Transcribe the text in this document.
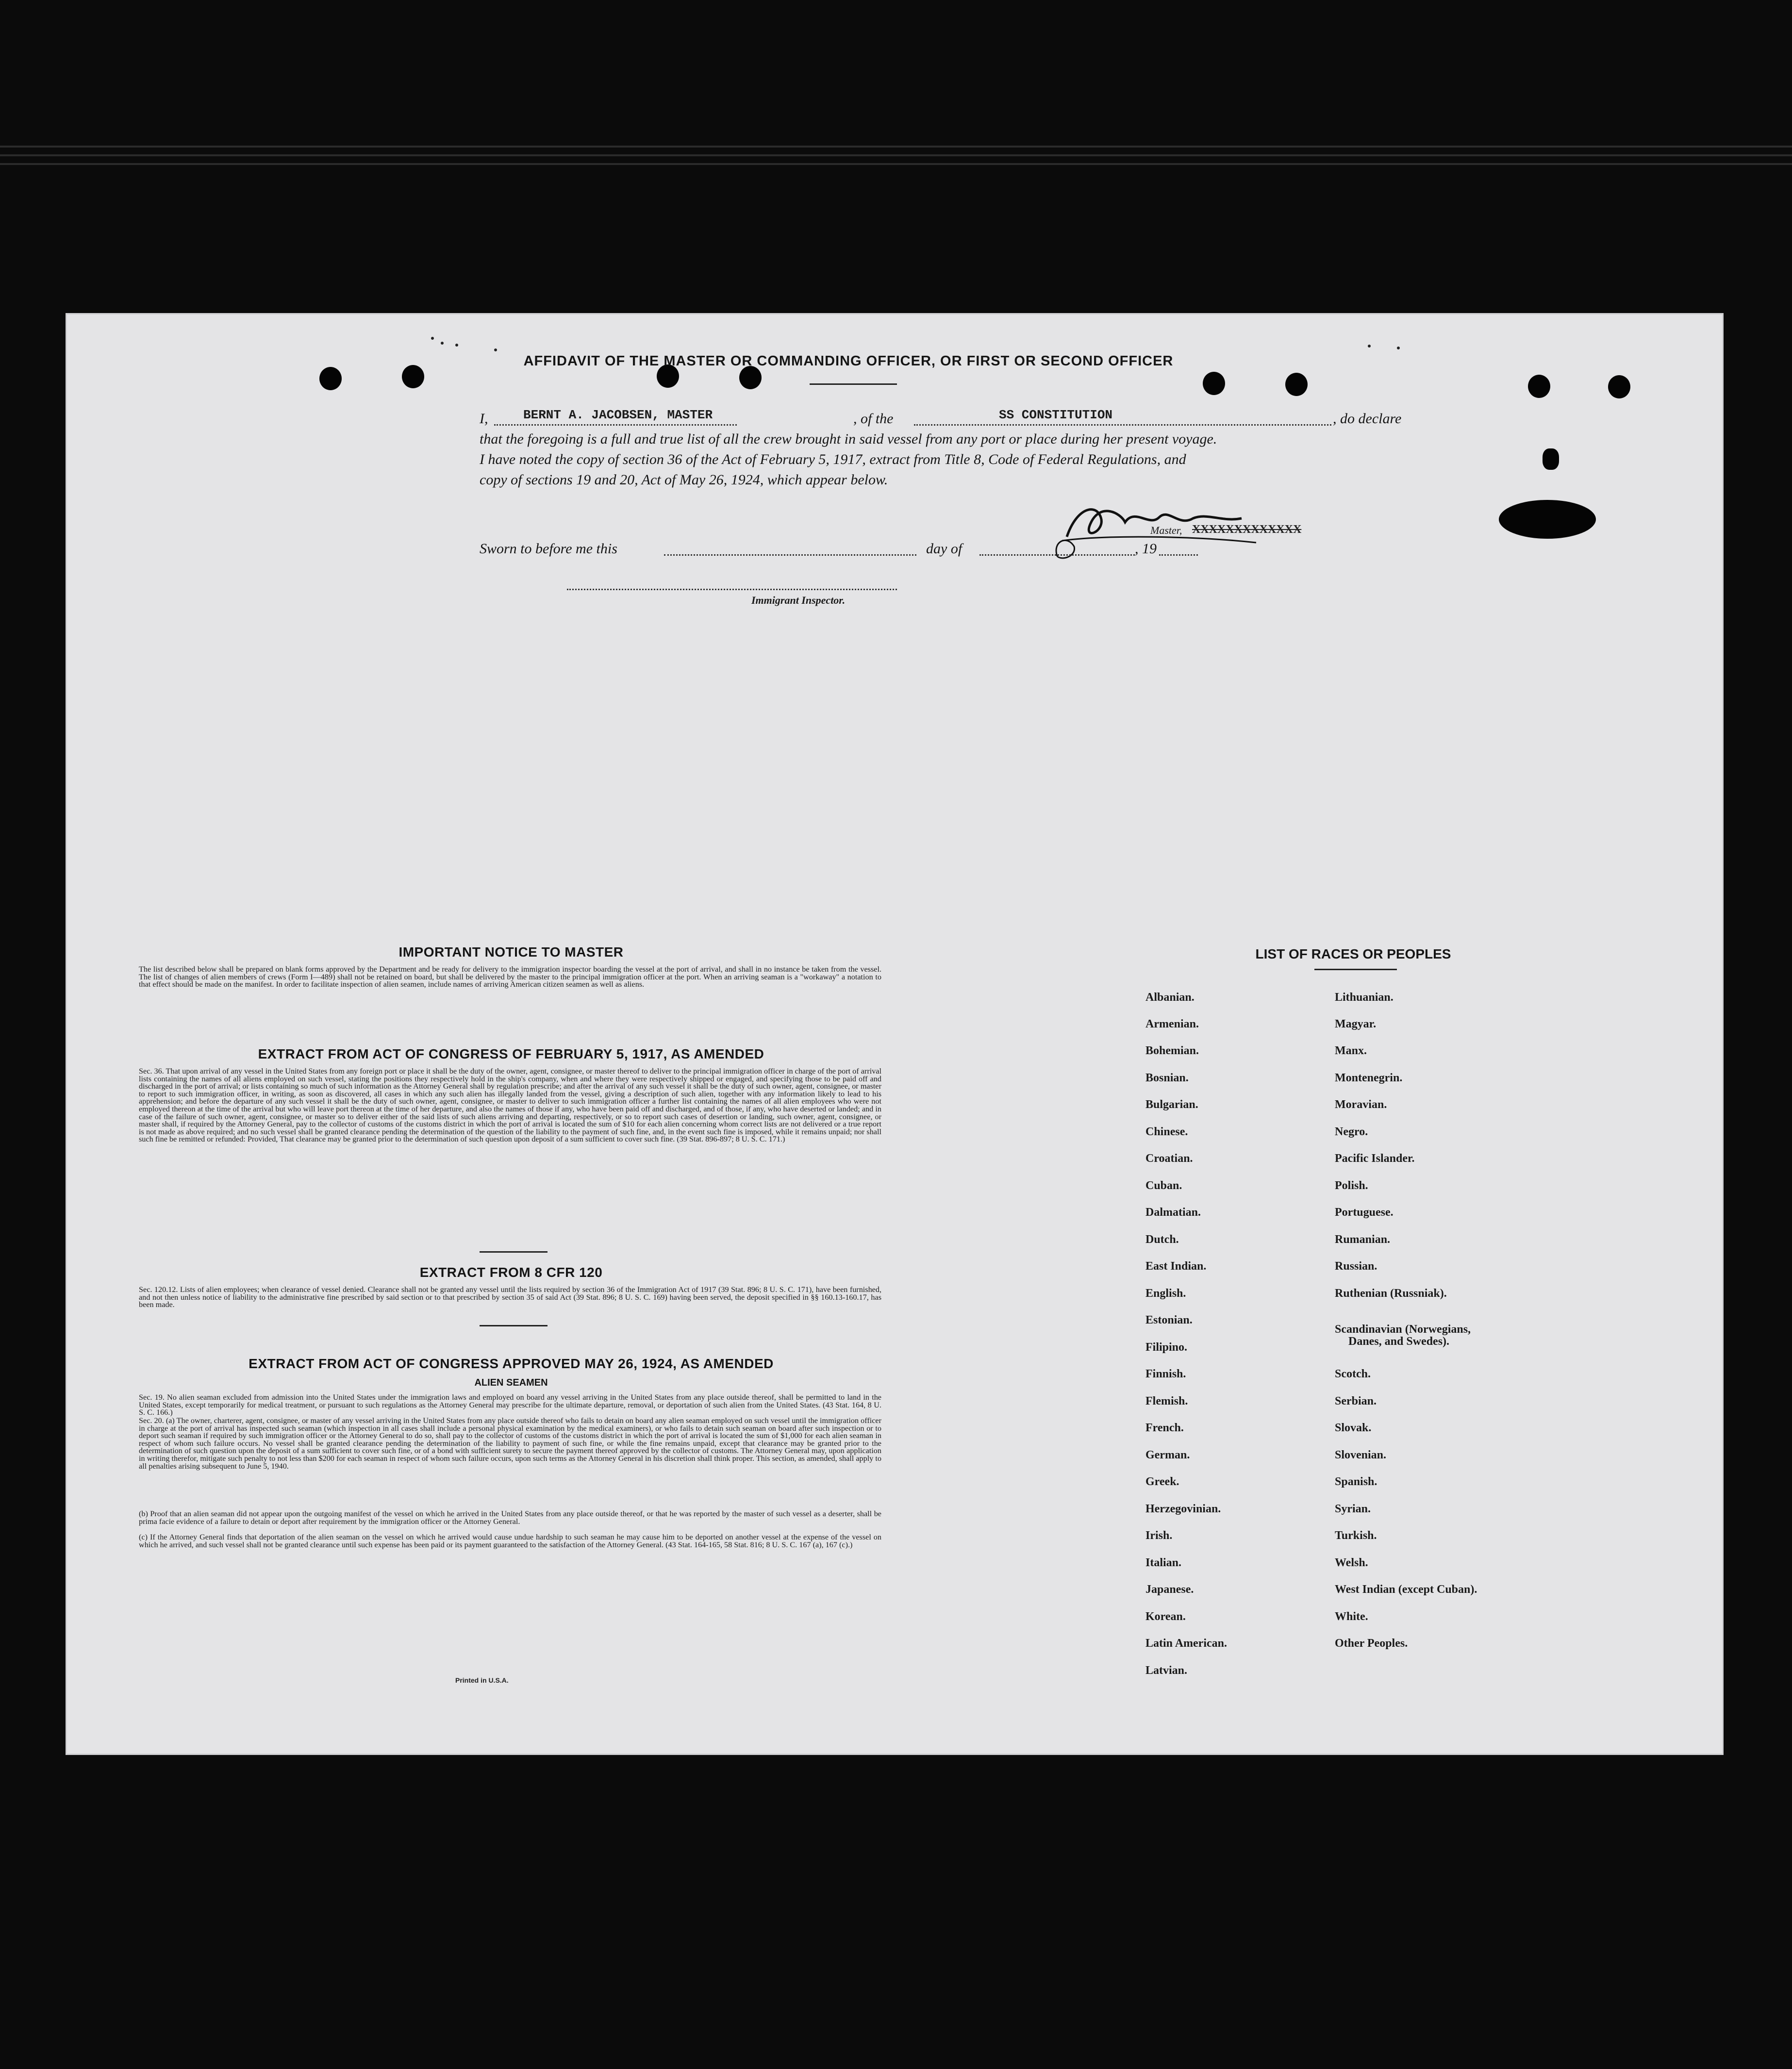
AFFIDAVIT OF THE MASTER OR COMMANDING OFFICER, OR FIRST OR SECOND OFFICER
I,	BERNT A. JACOBSEN, MASTER	, of the	SS CONSTITUTION	, do declare
that the foregoing is a full and true list of all the crew brought in said vessel from any port or place during her present voyage.
I have noted the copy of section 36 of the Act of February 5, 1917, extract from Title 8, Code of Federal Regulations, and
copy of sections 19 and 20, Act of May 26, 1924, which appear below.
Master, XXXXXXXXXXXXX
Sworn to before me this	day of	, 19
Immigrant Inspector.
IMPORTANT NOTICE TO MASTER
The list described below shall be prepared on blank forms approved by the Department and be ready for delivery to the immigration inspector boarding the vessel at the port of arrival, and shall in no instance be taken from the vessel. The list of changes of alien members of crews (Form I—489) shall not be retained on board, but shall be delivered by the master to the principal immigration officer at the port. When an arriving seaman is a "workaway" a notation to that effect should be made on the manifest. In order to facilitate inspection of alien seamen, include names of arriving American citizen seamen as well as aliens.
EXTRACT FROM ACT OF CONGRESS OF FEBRUARY 5, 1917, AS AMENDED
Sec. 36. That upon arrival of any vessel in the United States from any foreign port or place it shall be the duty of the owner, agent, consignee, or master thereof to deliver to the principal immigration officer in charge of the port of arrival lists containing the names of all aliens employed on such vessel, stating the positions they respectively hold in the ship's company, when and where they were respectively shipped or engaged, and specifying those to be paid off and discharged in the port of arrival; or lists containing so much of such information as the Attorney General shall by regulation prescribe; and after the arrival of any such vessel it shall be the duty of such owner, agent, consignee, or master to report to such immigration officer, in writing, as soon as discovered, all cases in which any such alien has illegally landed from the vessel, giving a description of such alien, together with any information likely to lead to his apprehension; and before the departure of any such vessel it shall be the duty of such owner, agent, consignee, or master to deliver to such immigration officer a further list containing the names of all alien employees who were not employed thereon at the time of the arrival but who will leave port thereon at the time of her departure, and also the names of those if any, who have been paid off and discharged, and of those, if any, who have deserted or landed; and in case of the failure of such owner, agent, consignee, or master so to deliver either of the said lists of such aliens arriving and departing, respectively, or so to report such cases of desertion or landing, such owner, agent, consignee, or master shall, if required by the Attorney General, pay to the collector of customs of the customs district in which the port of arrival is located the sum of $10 for each alien concerning whom correct lists are not delivered or a true report is not made as above required; and no such vessel shall be granted clearance pending the determination of the question of the liability to the payment of such fine, and, in the event such fine is imposed, while it remains unpaid; nor shall such fine be remitted or refunded: Provided, That clearance may be granted prior to the determination of such question upon deposit of a sum sufficient to cover such fine. (39 Stat. 896-897; 8 U. S. C. 171.)
EXTRACT FROM 8 CFR 120
Sec. 120.12. Lists of alien employees; when clearance of vessel denied. Clearance shall not be granted any vessel until the lists required by section 36 of the Immigration Act of 1917 (39 Stat. 896; 8 U. S. C. 171), have been furnished, and not then unless notice of liability to the administrative fine prescribed by said section or to that prescribed by section 35 of said Act (39 Stat. 896; 8 U. S. C. 169) having been served, the deposit specified in §§ 160.13-160.17, has been made.
EXTRACT FROM ACT OF CONGRESS APPROVED MAY 26, 1924, AS AMENDED
ALIEN SEAMEN
Sec. 19. No alien seaman excluded from admission into the United States under the immigration laws and employed on board any vessel arriving in the United States from any place outside thereof, shall be permitted to land in the United States, except temporarily for medical treatment, or pursuant to such regulations as the Attorney General may prescribe for the ultimate departure, removal, or deportation of such alien from the United States. (43 Stat. 164, 8 U. S. C. 166.)
Sec. 20. (a) The owner, charterer, agent, consignee, or master of any vessel arriving in the United States from any place outside thereof who fails to detain on board any alien seaman employed on such vessel until the immigration officer in charge at the port of arrival has inspected such seaman (which inspection in all cases shall include a personal physical examination by the medical examiners), or who fails to detain such seaman on board after such inspection or to deport such seaman if required by such immigration officer or the Attorney General to do so, shall pay to the collector of customs of the customs district in which the port of arrival is located the sum of $1,000 for each alien seaman in respect of whom such failure occurs. No vessel shall be granted clearance pending the determination of the liability to payment of such fine, or while the fine remains unpaid, except that clearance may be granted prior to the determination of such question upon the deposit of a sum sufficient to cover such fine, or of a bond with sufficient surety to secure the payment thereof approved by the collector of customs. The Attorney General may, upon application in writing therefor, mitigate such penalty to not less than $200 for each seaman in respect of whom such failure occurs, upon such terms as the Attorney General in his discretion shall think proper. This section, as amended, shall apply to all penalties arising subsequent to June 5, 1940.
(b) Proof that an alien seaman did not appear upon the outgoing manifest of the vessel on which he arrived in the United States from any place outside thereof, or that he was reported by the master of such vessel as a deserter, shall be prima facie evidence of a failure to detain or deport after requirement by the immigration officer or the Attorney General.
(c) If the Attorney General finds that deportation of the alien seaman on the vessel on which he arrived would cause undue hardship to such seaman he may cause him to be deported on another vessel at the expense of the vessel on which he arrived, and such vessel shall not be granted clearance until such expense has been paid or its payment guaranteed to the satisfaction of the Attorney General. (43 Stat. 164-165, 58 Stat. 816; 8 U. S. C. 167 (a), 167 (c).)
Printed in U.S.A.
LIST OF RACES OR PEOPLES
Albanian.
Armenian.
Bohemian.
Bosnian.
Bulgarian.
Chinese.
Croatian.
Cuban.
Dalmatian.
Dutch.
East Indian.
English.
Estonian.
Filipino.
Finnish.
Flemish.
French.
German.
Greek.
Herzegovinian.
Irish.
Italian.
Japanese.
Korean.
Latin American.
Latvian.
Lithuanian.
Magyar.
Manx.
Montenegrin.
Moravian.
Negro.
Pacific Islander.
Polish.
Portuguese.
Rumanian.
Russian.
Ruthenian (Russniak).
Scandinavian (Norwegians,
Danes, and Swedes).
Scotch.
Serbian.
Slovak.
Slovenian.
Spanish.
Syrian.
Turkish.
Welsh.
West Indian (except Cuban).
White.
Other Peoples.
